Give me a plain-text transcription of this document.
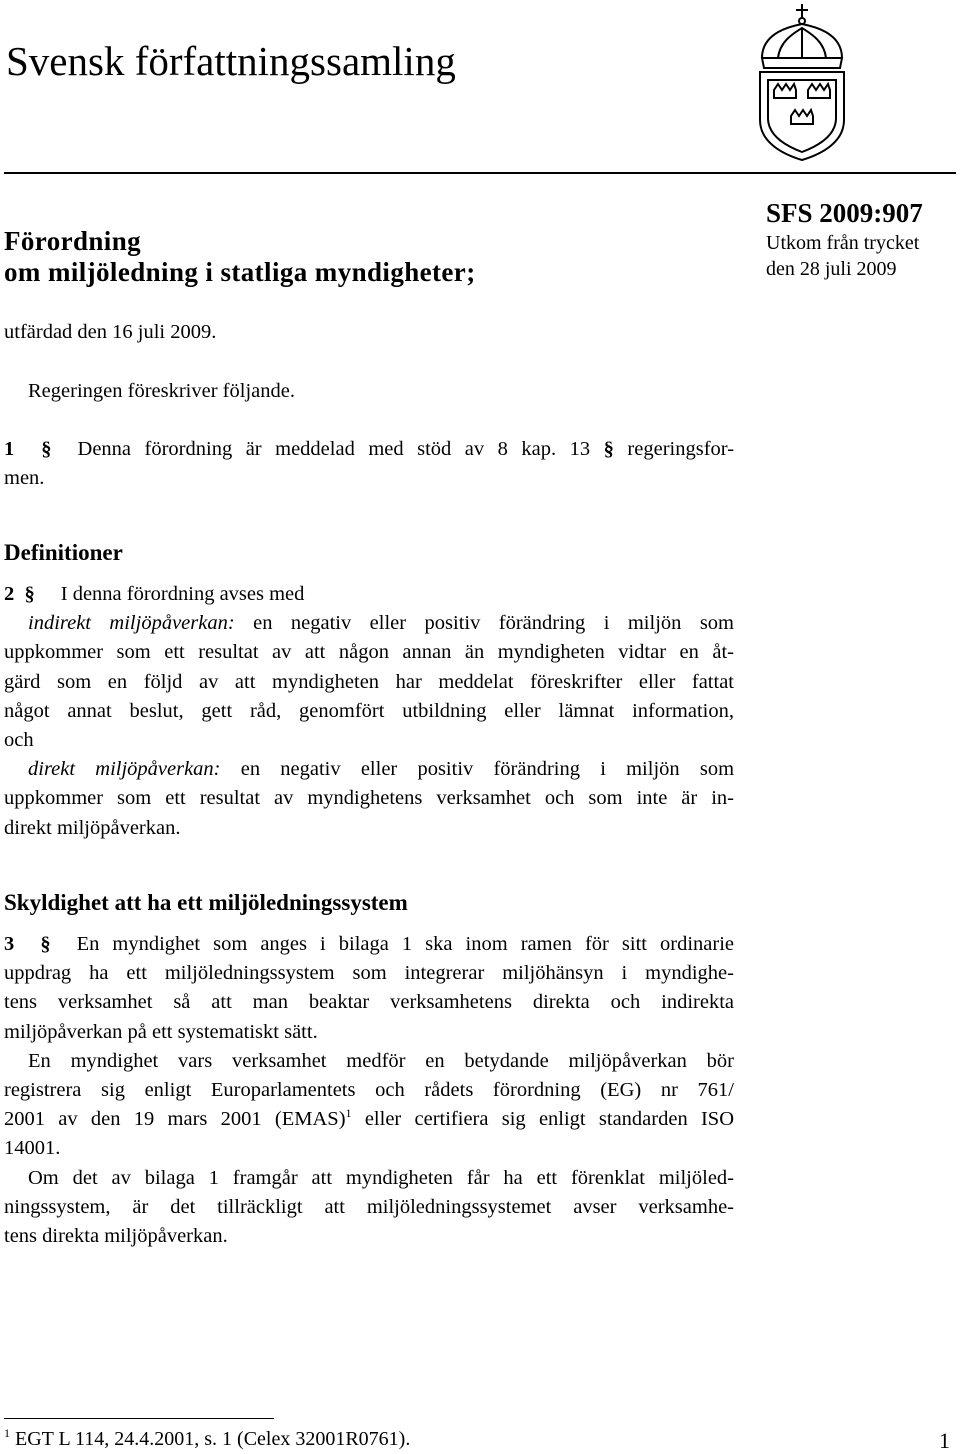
Svensk författningssamling
Förordning
om miljöledning i statliga myndigheter;
SFS 2009:907
Utkom från trycket
den 28 juli 2009

utfärdad den 16 juli 2009.

Regeringen föreskriver följande.

1 § Denna förordning är meddelad med stöd av 8 kap. 13 § regeringsfor-
men.
Definitioner
2 § I denna förordning avses med
indirekt miljöpåverkan: en negativ eller positiv förändring i miljön som
uppkommer som ett resultat av att någon annan än myndigheten vidtar en åt-
gärd som en följd av att myndigheten har meddelat föreskrifter eller fattat
något annat beslut, gett råd, genomfört utbildning eller lämnat information,
och
direkt miljöpåverkan: en negativ eller positiv förändring i miljön som
uppkommer som ett resultat av myndighetens verksamhet och som inte är in-
direkt miljöpåverkan.
Skyldighet att ha ett miljöledningssystem
3 § En myndighet som anges i bilaga 1 ska inom ramen för sitt ordinarie
uppdrag ha ett miljöledningssystem som integrerar miljöhänsyn i myndighe-
tens verksamhet så att man beaktar verksamhetens direkta och indirekta
miljöpåverkan på ett systematiskt sätt.
En myndighet vars verksamhet medför en betydande miljöpåverkan bör
registrera sig enligt Europarlamentets och rådets förordning (EG) nr 761/
2001 av den 19 mars 2001 (EMAS)$^1$ eller certifiera sig enligt standarden ISO
14001.
Om det av bilaga 1 framgår att myndigheten får ha ett förenklat miljöled-
ningssystem, är det tillräckligt att miljöledningssystemet avser verksamhe-
tens direkta miljöpåverkan.
$^1$ EGT L 114, 24.4.2001, s. 1 (Celex 32001R0761).	1
